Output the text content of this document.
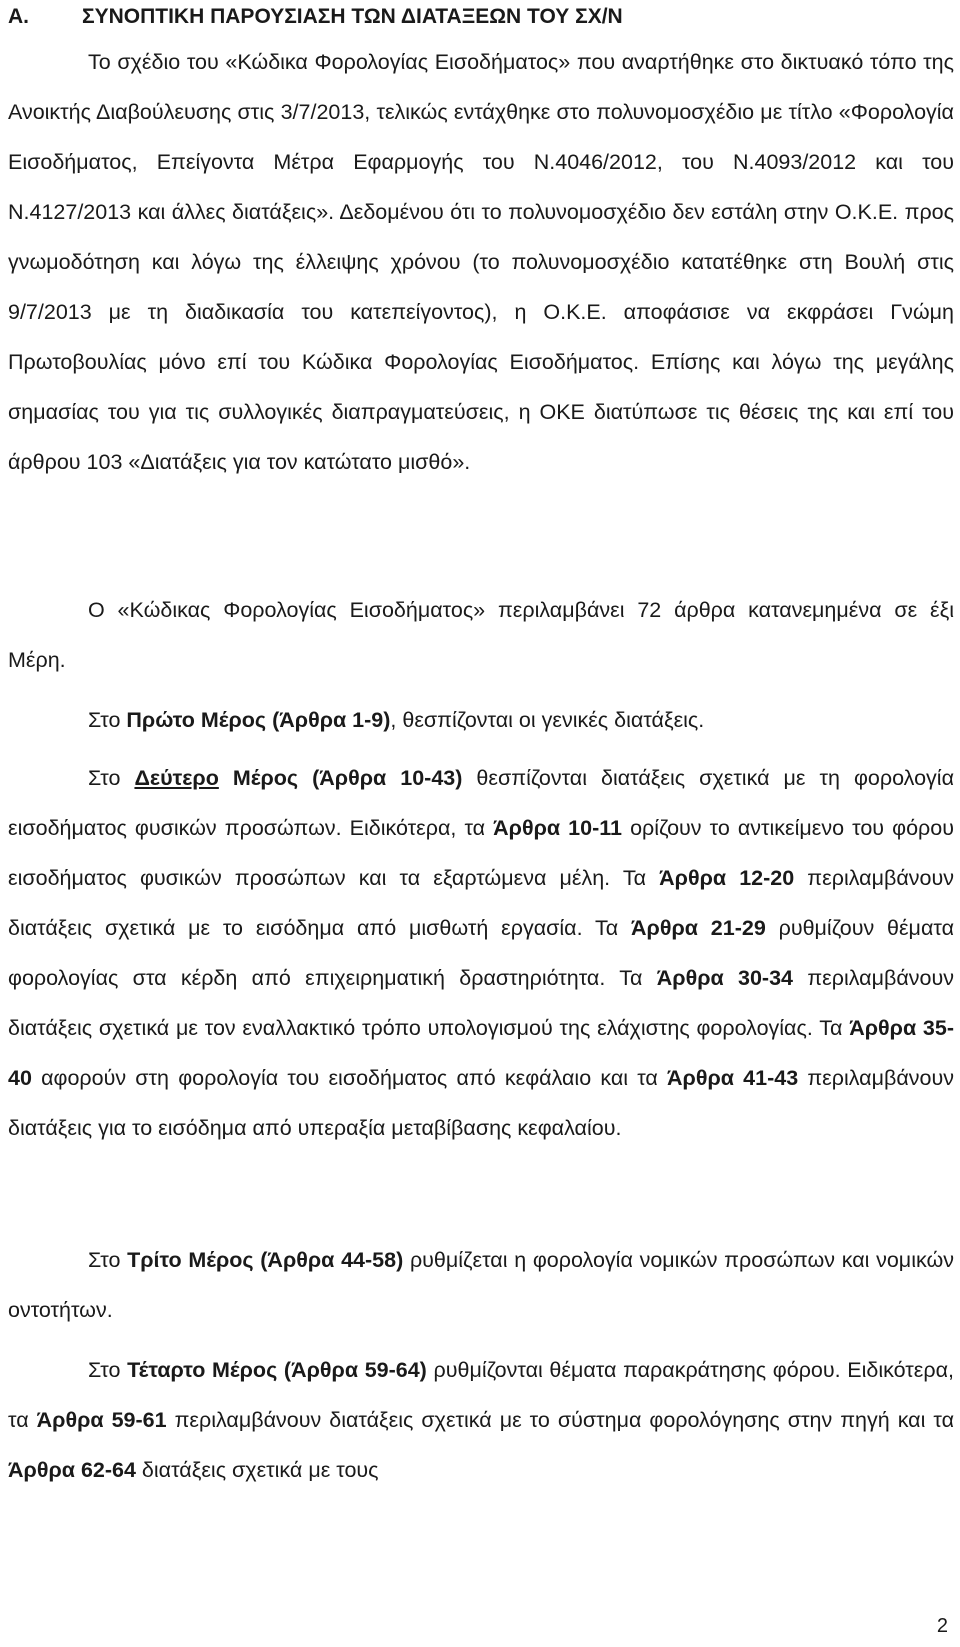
Α.	ΣΥΝΟΠΤΙΚΗ ΠΑΡΟΥΣΙΑΣΗ ΤΩΝ ΔΙΑΤΑΞΕΩΝ ΤΟΥ ΣΧ/Ν

Το σχέδιο του «Κώδικα Φορολογίας Εισοδήματος» που αναρτήθηκε στο δικτυακό τόπο της Ανοικτής Διαβούλευσης στις 3/7/2013, τελικώς εντάχθηκε στο πολυνομοσχέδιο με τίτλο «Φορολογία Εισοδήματος, Επείγοντα Μέτρα Εφαρμογής του Ν.4046/2012, του Ν.4093/2012 και του Ν.4127/2013 και άλλες διατάξεις». Δεδομένου ότι το πολυνομοσχέδιο δεν εστάλη στην Ο.Κ.Ε. προς γνωμοδότηση και λόγω της έλλειψης χρόνου (το πολυνομοσχέδιο κατατέθηκε στη Βουλή στις 9/7/2013 με τη διαδικασία του κατεπείγοντος), η Ο.Κ.Ε. αποφάσισε να εκφράσει Γνώμη Πρωτοβουλίας μόνο επί του Κώδικα Φορολογίας Εισοδήματος. Επίσης και λόγω της μεγάλης σημασίας του για τις συλλογικές διαπραγματεύσεις, η ΟΚΕ διατύπωσε τις θέσεις της και επί του άρθρου 103 «Διατάξεις για τον κατώτατο μισθό».

Ο «Κώδικας Φορολογίας Εισοδήματος» περιλαμβάνει 72 άρθρα κατανεμημένα σε έξι Μέρη.

Στο Πρώτο Μέρος (Άρθρα 1-9), θεσπίζονται οι γενικές διατάξεις.

Στο Δεύτερο Μέρος (Άρθρα 10-43) θεσπίζονται διατάξεις σχετικά με τη φορολογία εισοδήματος φυσικών προσώπων. Ειδικότερα, τα Άρθρα 10-11 ορίζουν το αντικείμενο του φόρου εισοδήματος φυσικών προσώπων και τα εξαρτώμενα μέλη. Τα Άρθρα 12-20 περιλαμβάνουν διατάξεις σχετικά με το εισόδημα από μισθωτή εργασία. Τα Άρθρα 21-29 ρυθμίζουν θέματα φορολογίας στα κέρδη από επιχειρηματική δραστηριότητα. Τα Άρθρα 30-34 περιλαμβάνουν διατάξεις σχετικά με τον εναλλακτικό τρόπο υπολογισμού της ελάχιστης φορολογίας. Τα Άρθρα 35-40 αφορούν στη φορολογία του εισοδήματος από κεφάλαιο και τα Άρθρα 41-43 περιλαμβάνουν διατάξεις για το εισόδημα από υπεραξία μεταβίβασης κεφαλαίου.

Στο Τρίτο Μέρος (Άρθρα 44-58) ρυθμίζεται η φορολογία νομικών προσώπων και νομικών οντοτήτων.

Στο Τέταρτο Μέρος (Άρθρα 59-64) ρυθμίζονται θέματα παρακράτησης φόρου. Ειδικότερα, τα Άρθρα 59-61 περιλαμβάνουν διατάξεις σχετικά με το σύστημα φορολόγησης στην πηγή και τα Άρθρα 62-64 διατάξεις σχετικά με τους

2
